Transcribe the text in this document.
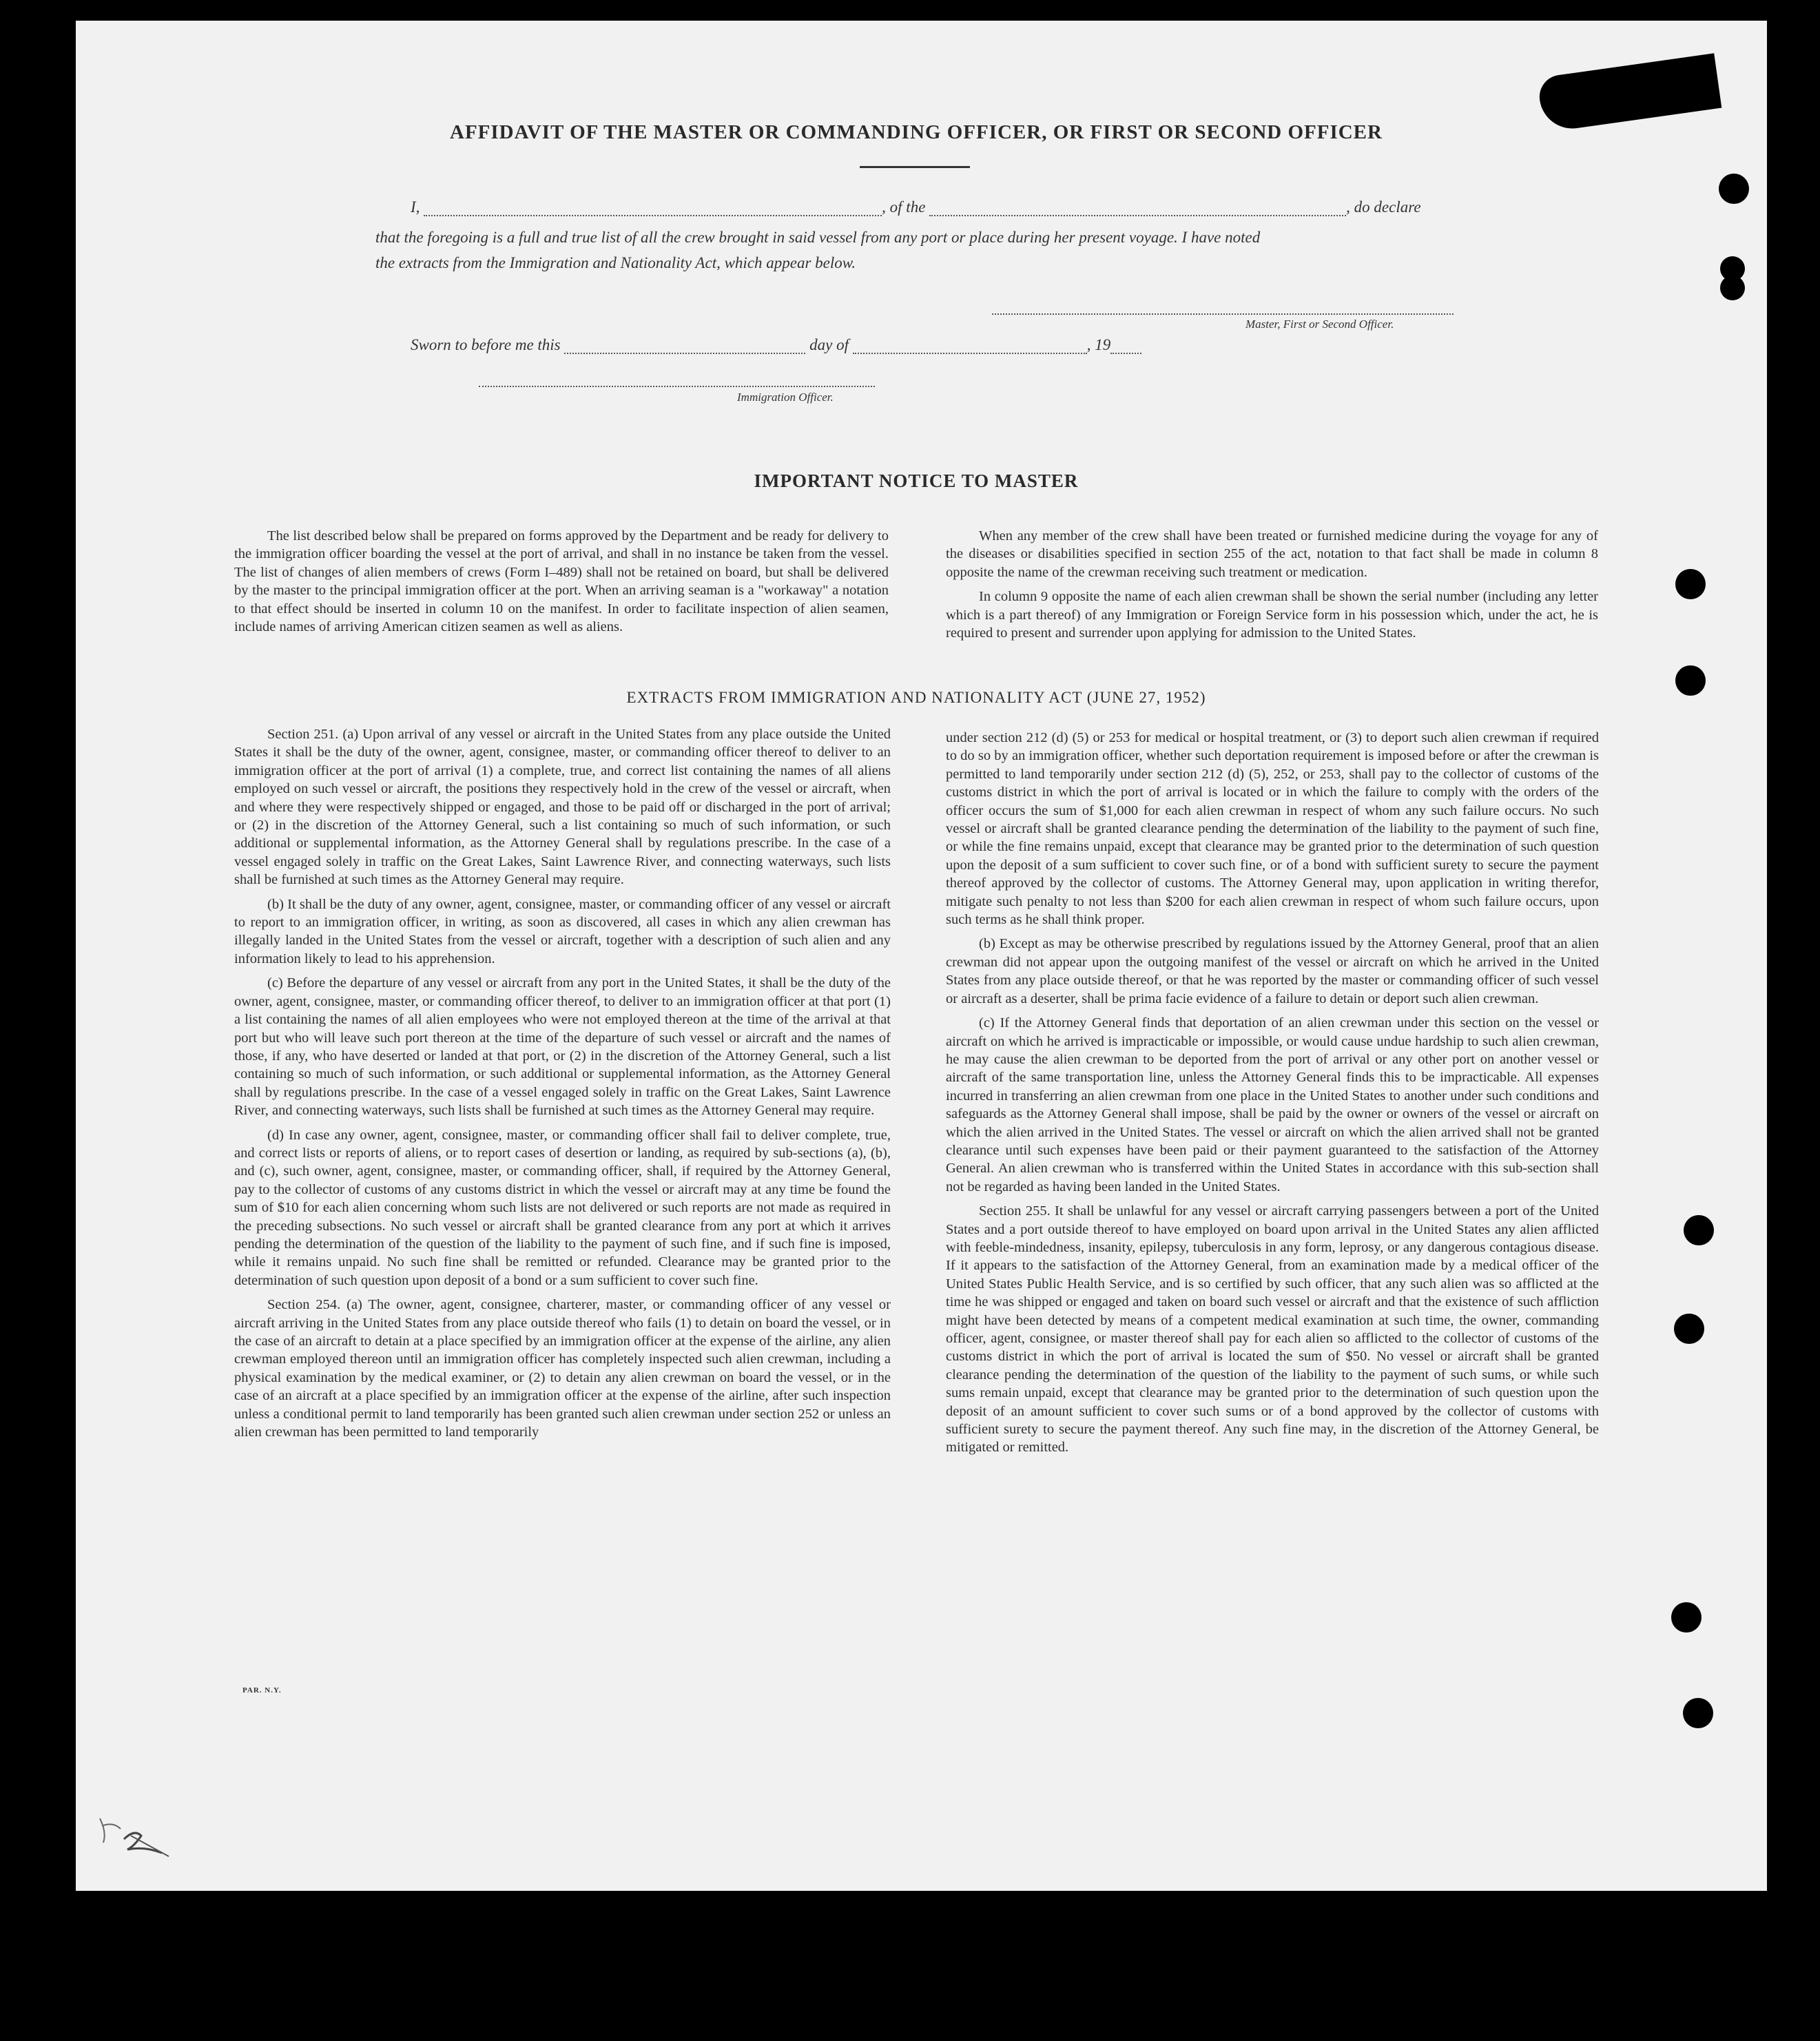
AFFIDAVIT OF THE MASTER OR COMMANDING OFFICER, OR FIRST OR SECOND OFFICER
I,	, of the	, do declare
that the foregoing is a full and true list of all the crew brought in said vessel from any port or place during her present voyage. I have noted
the extracts from the Immigration and Nationality Act, which appear below.
Master, First or Second Officer.
Sworn to before me this	day of	, 19
Immigration Officer.
IMPORTANT NOTICE TO MASTER

The list described below shall be prepared on forms approved by the Department and be ready for delivery to the immigration officer boarding the vessel at the port of arrival, and shall in no instance be taken from the vessel. The list of changes of alien members of crews (Form I–489) shall not be retained on board, but shall be delivered by the master to the principal immigration officer at the port. When an arriving seaman is a "workaway" a notation to that effect should be inserted in column 10 on the manifest. In order to facilitate inspection of alien seamen, include names of arriving American citizen seamen as well as aliens.

When any member of the crew shall have been treated or furnished medicine during the voyage for any of the diseases or disabilities specified in section 255 of the act, notation to that fact shall be made in column 8 opposite the name of the crewman receiving such treatment or medication.

In column 9 opposite the name of each alien crewman shall be shown the serial number (including any letter which is a part thereof) of any Immigration or Foreign Service form in his possession which, under the act, he is required to present and surrender upon applying for admission to the United States.

EXTRACTS FROM IMMIGRATION AND NATIONALITY ACT (JUNE 27, 1952)

Section 251. (a) Upon arrival of any vessel or aircraft in the United States from any place outside the United States it shall be the duty of the owner, agent, consignee, master, or commanding officer thereof to deliver to an immigration officer at the port of arrival (1) a complete, true, and correct list containing the names of all aliens employed on such vessel or aircraft, the positions they respectively hold in the crew of the vessel or aircraft, when and where they were respectively shipped or engaged, and those to be paid off or discharged in the port of arrival; or (2) in the discretion of the Attorney General, such a list containing so much of such information, or such additional or supplemental information, as the Attorney General shall by regulations prescribe. In the case of a vessel engaged solely in traffic on the Great Lakes, Saint Lawrence River, and connecting waterways, such lists shall be furnished at such times as the Attorney General may require.

(b) It shall be the duty of any owner, agent, consignee, master, or commanding officer of any vessel or aircraft to report to an immigration officer, in writing, as soon as discovered, all cases in which any alien crewman has illegally landed in the United States from the vessel or aircraft, together with a description of such alien and any information likely to lead to his apprehension.

(c) Before the departure of any vessel or aircraft from any port in the United States, it shall be the duty of the owner, agent, consignee, master, or commanding officer thereof, to deliver to an immigration officer at that port (1) a list containing the names of all alien employees who were not employed thereon at the time of the arrival at that port but who will leave such port thereon at the time of the departure of such vessel or aircraft and the names of those, if any, who have deserted or landed at that port, or (2) in the discretion of the Attorney General, such a list containing so much of such information, or such additional or supplemental information, as the Attorney General shall by regulations prescribe. In the case of a vessel engaged solely in traffic on the Great Lakes, Saint Lawrence River, and connecting waterways, such lists shall be furnished at such times as the Attorney General may require.

(d) In case any owner, agent, consignee, master, or commanding officer shall fail to deliver complete, true, and correct lists or reports of aliens, or to report cases of desertion or landing, as required by sub-sections (a), (b), and (c), such owner, agent, consignee, master, or commanding officer, shall, if required by the Attorney General, pay to the collector of customs of any customs district in which the vessel or aircraft may at any time be found the sum of $10 for each alien concerning whom such lists are not delivered or such reports are not made as required in the preceding subsections. No such vessel or aircraft shall be granted clearance from any port at which it arrives pending the determination of the question of the liability to the payment of such fine, and if such fine is imposed, while it remains unpaid. No such fine shall be remitted or refunded. Clearance may be granted prior to the determination of such question upon deposit of a bond or a sum sufficient to cover such fine.

Section 254. (a) The owner, agent, consignee, charterer, master, or commanding officer of any vessel or aircraft arriving in the United States from any place outside thereof who fails (1) to detain on board the vessel, or in the case of an aircraft to detain at a place specified by an immigration officer at the expense of the airline, any alien crewman employed thereon until an immigration officer has completely inspected such alien crewman, including a physical examination by the medical examiner, or (2) to detain any alien crewman on board the vessel, or in the case of an aircraft at a place specified by an immigration officer at the expense of the airline, after such inspection unless a conditional permit to land temporarily has been granted such alien crewman under section 252 or unless an alien crewman has been permitted to land temporarily

under section 212 (d) (5) or 253 for medical or hospital treatment, or (3) to deport such alien crewman if required to do so by an immigration officer, whether such deportation requirement is imposed before or after the crewman is permitted to land temporarily under section 212 (d) (5), 252, or 253, shall pay to the collector of customs of the customs district in which the port of arrival is located or in which the failure to comply with the orders of the officer occurs the sum of $1,000 for each alien crewman in respect of whom any such failure occurs. No such vessel or aircraft shall be granted clearance pending the determination of the liability to the payment of such fine, or while the fine remains unpaid, except that clearance may be granted prior to the determination of such question upon the deposit of a sum sufficient to cover such fine, or of a bond with sufficient surety to secure the payment thereof approved by the collector of customs. The Attorney General may, upon application in writing therefor, mitigate such penalty to not less than $200 for each alien crewman in respect of whom such failure occurs, upon such terms as he shall think proper.

(b) Except as may be otherwise prescribed by regulations issued by the Attorney General, proof that an alien crewman did not appear upon the outgoing manifest of the vessel or aircraft on which he arrived in the United States from any place outside thereof, or that he was reported by the master or commanding officer of such vessel or aircraft as a deserter, shall be prima facie evidence of a failure to detain or deport such alien crewman.

(c) If the Attorney General finds that deportation of an alien crewman under this section on the vessel or aircraft on which he arrived is impracticable or impossible, or would cause undue hardship to such alien crewman, he may cause the alien crewman to be deported from the port of arrival or any other port on another vessel or aircraft of the same transportation line, unless the Attorney General finds this to be impracticable. All expenses incurred in transferring an alien crewman from one place in the United States to another under such conditions and safeguards as the Attorney General shall impose, shall be paid by the owner or owners of the vessel or aircraft on which the alien arrived in the United States. The vessel or aircraft on which the alien arrived shall not be granted clearance until such expenses have been paid or their payment guaranteed to the satisfaction of the Attorney General. An alien crewman who is transferred within the United States in accordance with this sub-section shall not be regarded as having been landed in the United States.

Section 255. It shall be unlawful for any vessel or aircraft carrying passengers between a port of the United States and a port outside thereof to have employed on board upon arrival in the United States any alien afflicted with feeble-mindedness, insanity, epilepsy, tuberculosis in any form, leprosy, or any dangerous contagious disease. If it appears to the satisfaction of the Attorney General, from an examination made by a medical officer of the United States Public Health Service, and is so certified by such officer, that any such alien was so afflicted at the time he was shipped or engaged and taken on board such vessel or aircraft and that the existence of such affliction might have been detected by means of a competent medical examination at such time, the owner, commanding officer, agent, consignee, or master thereof shall pay for each alien so afflicted to the collector of customs of the customs district in which the port of arrival is located the sum of $50. No vessel or aircraft shall be granted clearance pending the determination of the question of the liability to the payment of such sums, or while such sums remain unpaid, except that clearance may be granted prior to the determination of such question upon the deposit of an amount sufficient to cover such sums or of a bond approved by the collector of customs with sufficient surety to secure the payment thereof. Any such fine may, in the discretion of the Attorney General, be mitigated or remitted.

PAR. N.Y.
